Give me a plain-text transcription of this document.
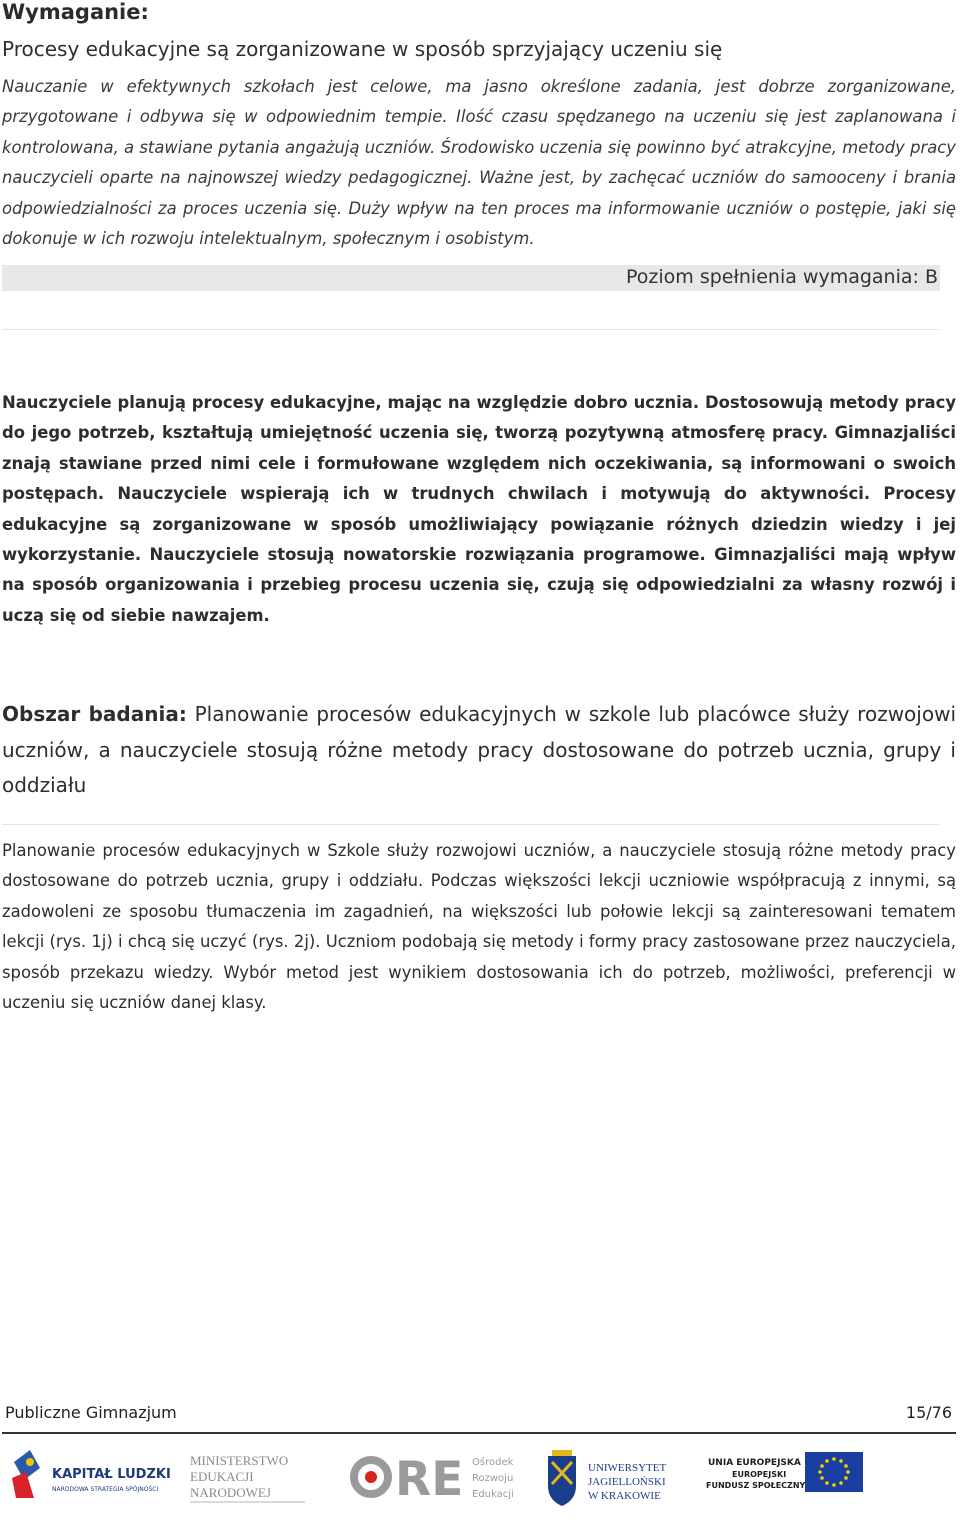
Wymaganie:
Procesy edukacyjne są zorganizowane w sposób sprzyjający uczeniu się
Nauczanie w efektywnych szkołach jest celowe, ma jasno określone zadania, jest dobrze zorganizowane, przygotowane i odbywa się w odpowiednim tempie. Ilość czasu spędzanego na uczeniu się jest zaplanowana i kontrolowana, a stawiane pytania angażują uczniów. Środowisko uczenia się powinno być atrakcyjne, metody pracy nauczycieli oparte na najnowszej wiedzy pedagogicznej. Ważne jest, by zachęcać uczniów do samooceny i brania odpowiedzialności za proces uczenia się. Duży wpływ na ten proces ma informowanie uczniów o postępie, jaki się dokonuje w ich rozwoju intelektualnym, społecznym i osobistym.
Poziom spełnienia wymagania: B
Nauczyciele planują procesy edukacyjne, mając na względzie dobro ucznia. Dostosowują metody pracy do jego potrzeb, kształtują umiejętność uczenia się, tworzą pozytywną atmosferę pracy. Gimnazjaliści znają stawiane przed nimi cele i formułowane względem nich oczekiwania, są informowani o swoich postępach. Nauczyciele wspierają ich w trudnych chwilach i motywują do aktywności. Procesy edukacyjne są zorganizowane w sposób umożliwiający powiązanie różnych dziedzin wiedzy i jej wykorzystanie. Nauczyciele stosują nowatorskie rozwiązania programowe. Gimnazjaliści mają wpływ na sposób organizowania i przebieg procesu uczenia się, czują się odpowiedzialni za własny rozwój i uczą się od siebie nawzajem.
Obszar badania: Planowanie procesów edukacyjnych w szkole lub placówce służy rozwojowi uczniów, a nauczyciele stosują różne metody pracy dostosowane do potrzeb ucznia, grupy i oddziału
Planowanie procesów edukacyjnych w Szkole służy rozwojowi uczniów, a nauczyciele stosują różne metody pracy dostosowane do potrzeb ucznia, grupy i oddziału. Podczas większości lekcji uczniowie współpracują z innymi, są zadowoleni ze sposobu tłumaczenia im zagadnień, na większości lub połowie lekcji są zainteresowani tematem lekcji (rys. 1j) i chcą się uczyć (rys. 2j). Uczniom podobają się metody i formy pracy zastosowane przez nauczyciela, sposób przekazu wiedzy. Wybór metod jest wynikiem dostosowania ich do potrzeb, możliwości, preferencji w uczeniu się uczniów danej klasy.
Publiczne Gimnazjum	15/76
KAPITAŁ LUDZKI
NARODOWA STRATEGIA SPÓJNOŚCI
MINISTERSTWO
EDUKACJI
NARODOWEJ	RE Ośrodek
Rozwoju
Edukacji
UNIWERSYTET
JAGIELLOŃSKI
W KRAKOWIE
UNIA EUROPEJSKA
EUROPEJSKI
FUNDUSZ SPOŁECZNY
